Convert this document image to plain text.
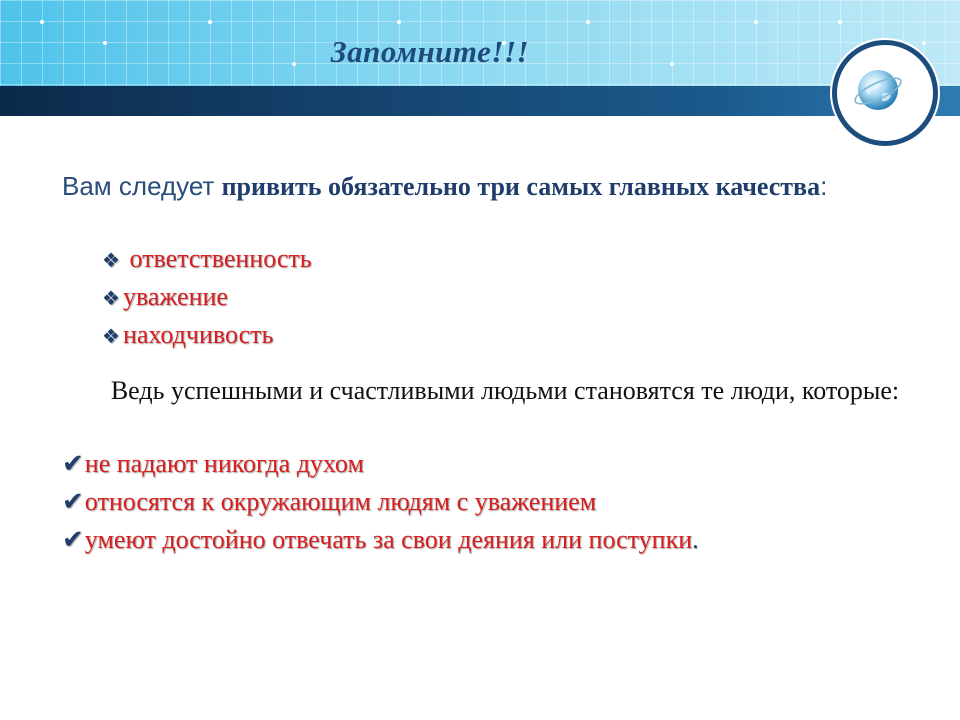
Запомните!!!
Вам следует привить обязательно три самых главных качества:
❖ ответственность
❖ уважение
❖ находчивость
Ведь успешными и счастливыми людьми становятся те люди, которые:
✔не падают никогда духом
✔относятся к окружающим людям с уважением
✔умеют достойно отвечать за свои деяния или поступки.
